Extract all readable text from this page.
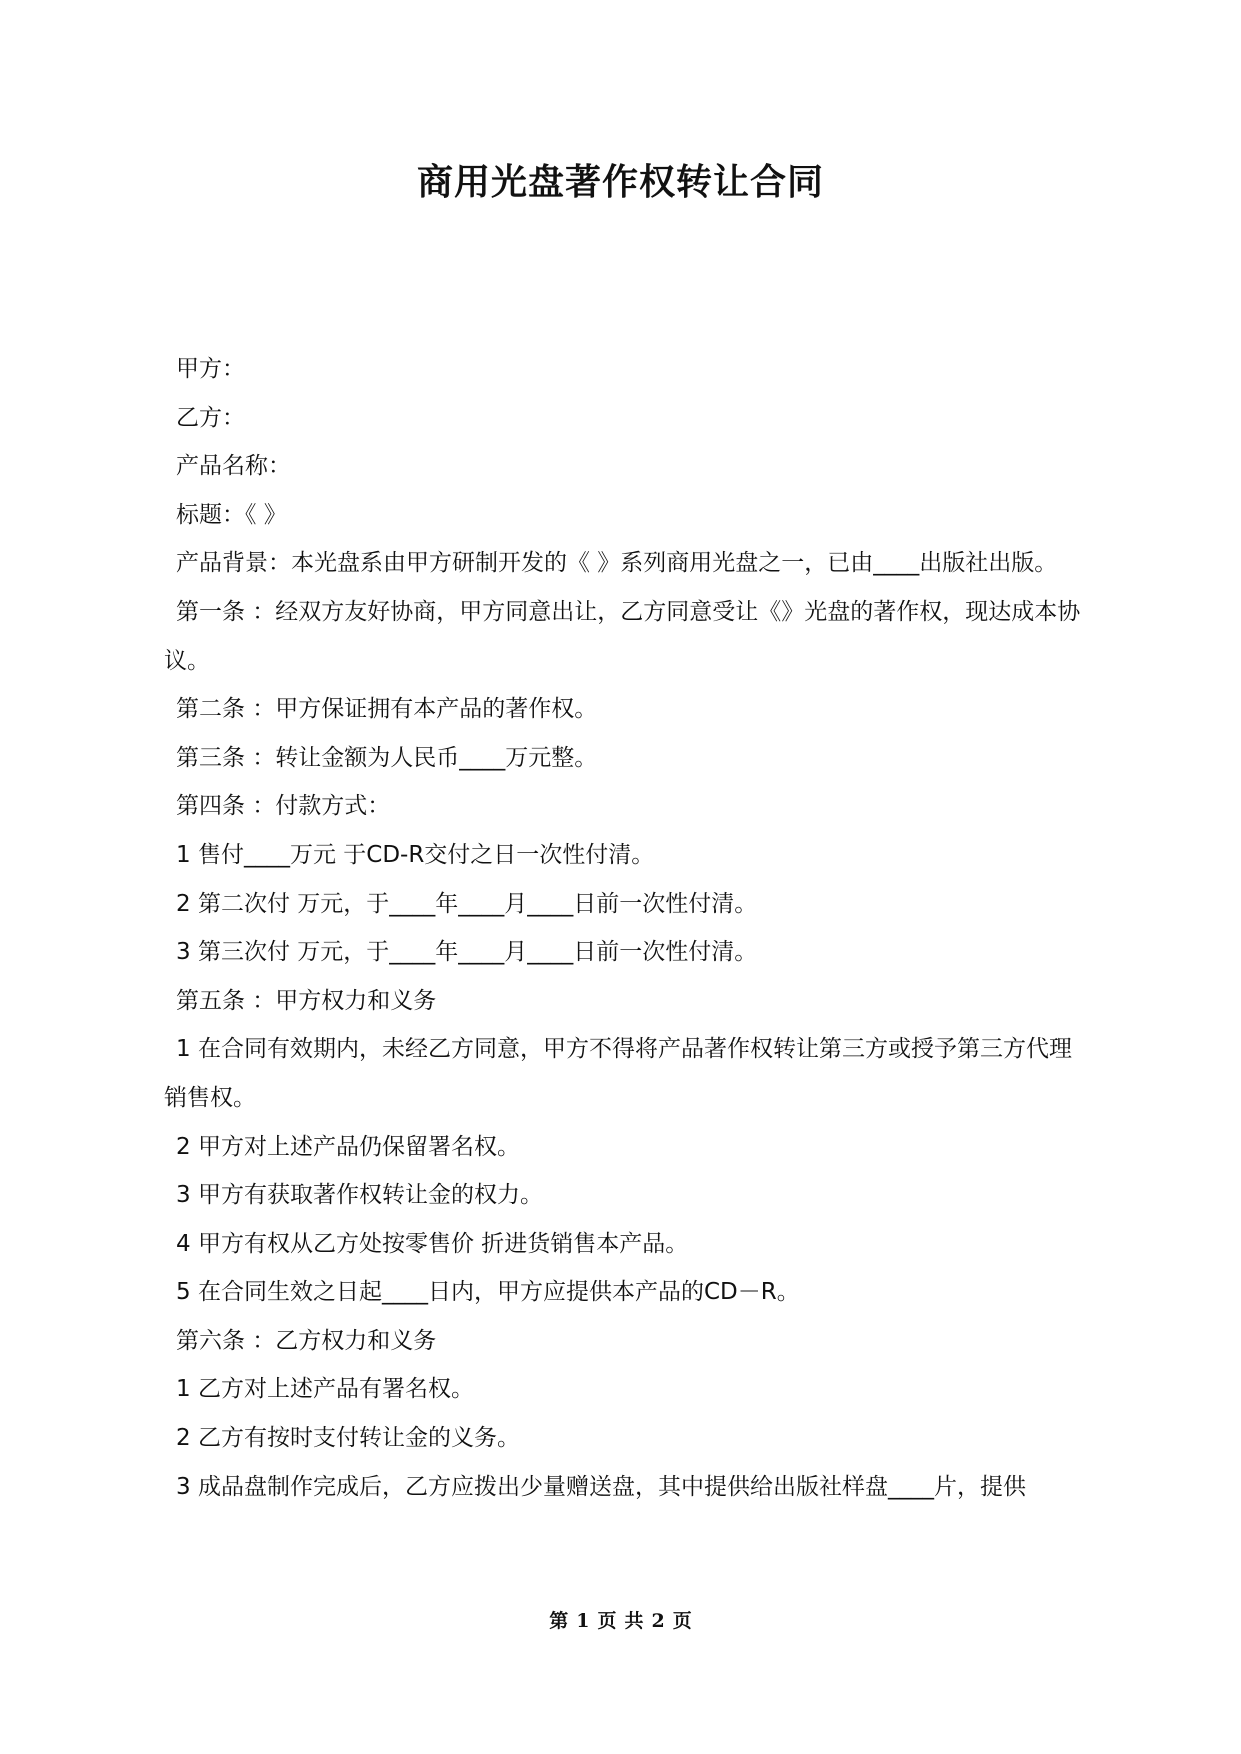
商用光盘著作权转让合同

甲方：

乙方：

产品名称：

标题：《 》

产品背景：本光盘系由甲方研制开发的《 》系列商用光盘之一，已由____出版社出版。

第一条 ：经双方友好协商，甲方同意出让，乙方同意受让《》光盘的著作权，现达成本协议。

第二条 ：甲方保证拥有本产品的著作权。

第三条 ：转让金额为人民币____万元整。

第四条 ：付款方式：

1 售付____万元 于CD-R交付之日一次性付清。

2 第二次付 万元，于____年____月____日前一次性付清。

3 第三次付 万元，于____年____月____日前一次性付清。

第五条 ：甲方权力和义务

1 在合同有效期内，未经乙方同意，甲方不得将产品著作权转让第三方或授予第三方代理销售权。

2 甲方对上述产品仍保留署名权。

3 甲方有获取著作权转让金的权力。

4 甲方有权从乙方处按零售价 折进货销售本产品。

5 在合同生效之日起____日内，甲方应提供本产品的CD－R。

第六条 ：乙方权力和义务

1 乙方对上述产品有署名权。

2 乙方有按时支付转让金的义务。

3 成品盘制作完成后，乙方应拨出少量赠送盘，其中提供给出版社样盘____片，提供

第 1 页 共 2 页
